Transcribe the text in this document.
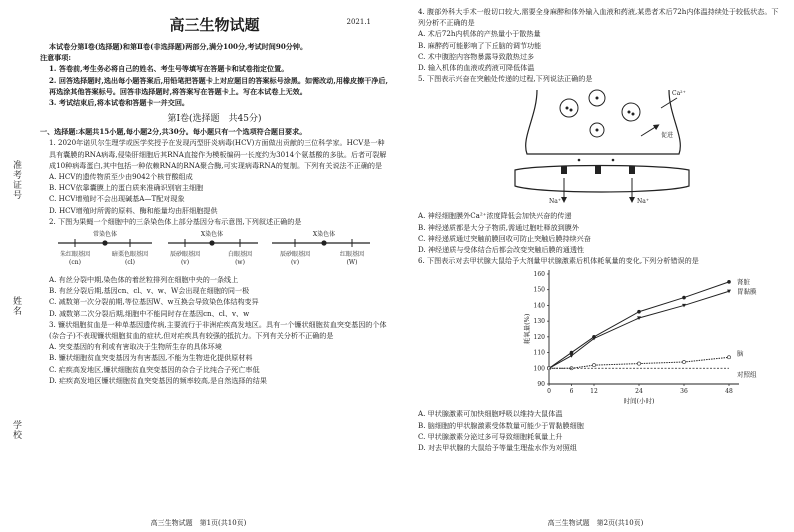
准考证号
姓名
学校
高三生物试题	2021.1

本试卷分第Ⅰ卷(选择题)和第Ⅱ卷(非选择题)两部分,满分100分,考试时间90分钟。

注意事项:

1. 答卷前,考生务必将自己的姓名、考生号等填写在答题卡和试卷指定位置。

2. 回答选择题时,选出每小题答案后,用铅笔把答题卡上对应题目的答案标号涂黑。如需改动,用橡皮擦干净后,再选涂其他答案标号。回答非选择题时,将答案写在答题卡上。写在本试卷上无效。

3. 考试结束后,将本试卷和答题卡一并交回。

第Ⅰ卷(选择题　共45分)

一、选择题:本题共15小题,每小题2分,共30分。每小题只有一个选项符合题目要求。

1. 2020年诺贝尔生理学或医学奖授予在发现丙型肝炎病毒(HCV)方面做出贡献的三位科学家。HCV是一种具有囊膜的RNA病毒,侵染肝细胞后其RNA直接作为模板编码一长度约为3014个氨基酸的多肽。后者可裂解成10种病毒蛋白,其中包括一种依赖RNA的RNA聚合酶,可实现病毒RNA的复制。下列有关说法不正确的是

A. HCV的遗传物质至少由9042个核苷酸组成

B. HCV依靠囊膜上的蛋白质来准确识别宿主细胞

C. HCV增殖时不会出现碱基A—T配对现象

D. HCV增殖时所需的原料、酶和能量均由肝细胞提供

2. 下图为果蝇一个细胞中的三条染色体上部分基因分布示意图,下列叙述正确的是

常染色体	X染色体	X染色体
朱红眼基因	暗栗色眼基因	辰砂眼基因	白眼基因	辰砂眼基因	红眼基因
(cn)	(cl)	(v)	(w)	(v)	(W)

A. 有丝分裂中期,染色体的着丝粒排列在细胞中央的一条线上

B. 有丝分裂后期,基因cn、cl、v、w、W会出现在细胞的同一极

C. 减数第一次分裂前期,等位基因W、w互换会导致染色体结构变异

D. 减数第二次分裂后期,细胞中不能同时存在基因cn、cl、v、w

3. 镰状细胞贫血是一种单基因遗传病,主要流行于非洲疟疾高发地区。具有一个镰状细胞贫血突变基因的个体(杂合子)不表现镰状细胞贫血的症状,但对疟疾具有较强的抵抗力。下列有关分析不正确的是

A. 突变基因的有利或有害取决于生物所生存的具体环境

B. 镰状细胞贫血突变基因为有害基因,不能为生物进化提供原材料

C. 疟疾高发地区,镰状细胞贫血突变基因的杂合子比纯合子死亡率低

D. 疟疾高发地区镰状细胞贫血突变基因的频率较高,是自然选择的结果

高三生物试题　第1页(共10页)

4. 腹部外科大手术一般切口较大,需要全身麻醉和体外输入血液和药液,某患者术后72h内体温持续处于较低状态。下列分析不正确的是

A. 术后72h内机体的产热量小于散热量

B. 麻醉药可能影响了下丘脑的调节功能

C. 术中腹腔内容物暴露导致散热过多

D. 输入机体的血液或药液可降低体温

5. 下图表示兴奋在突触处传递的过程,下列说法正确的是

Ca²⁺
促进
Na⁺	Na⁺

A. 神经细胞膜外Ca²⁺浓度降低会加快兴奋的传递

B. 神经递质都是大分子物质,需通过胞吐释放到膜外

C. 神经递质通过突触前膜回收可防止突触后膜持续兴奋

D. 神经递质与受体结合后都会改变突触后膜的通透性

6. 下图表示对去甲状腺大鼠给予大剂量甲状腺激素后机体耗氧量的变化,下列分析错误的是

90
100
110
120
130
140
150
160
0	6	12	24	36	48
时间(小时)
耗氧量(%)
肾脏
胃黏膜
脑
对照组

A. 甲状腺激素可加快细胞呼吸以维持大鼠体温

B. 脑细胞的甲状腺激素受体数量可能少于胃黏膜细胞

C. 甲状腺激素分泌过多可导致细胞耗氧量上升

D. 对去甲状腺的大鼠给予等量生理盐水作为对照组

高三生物试题　第2页(共10页)
